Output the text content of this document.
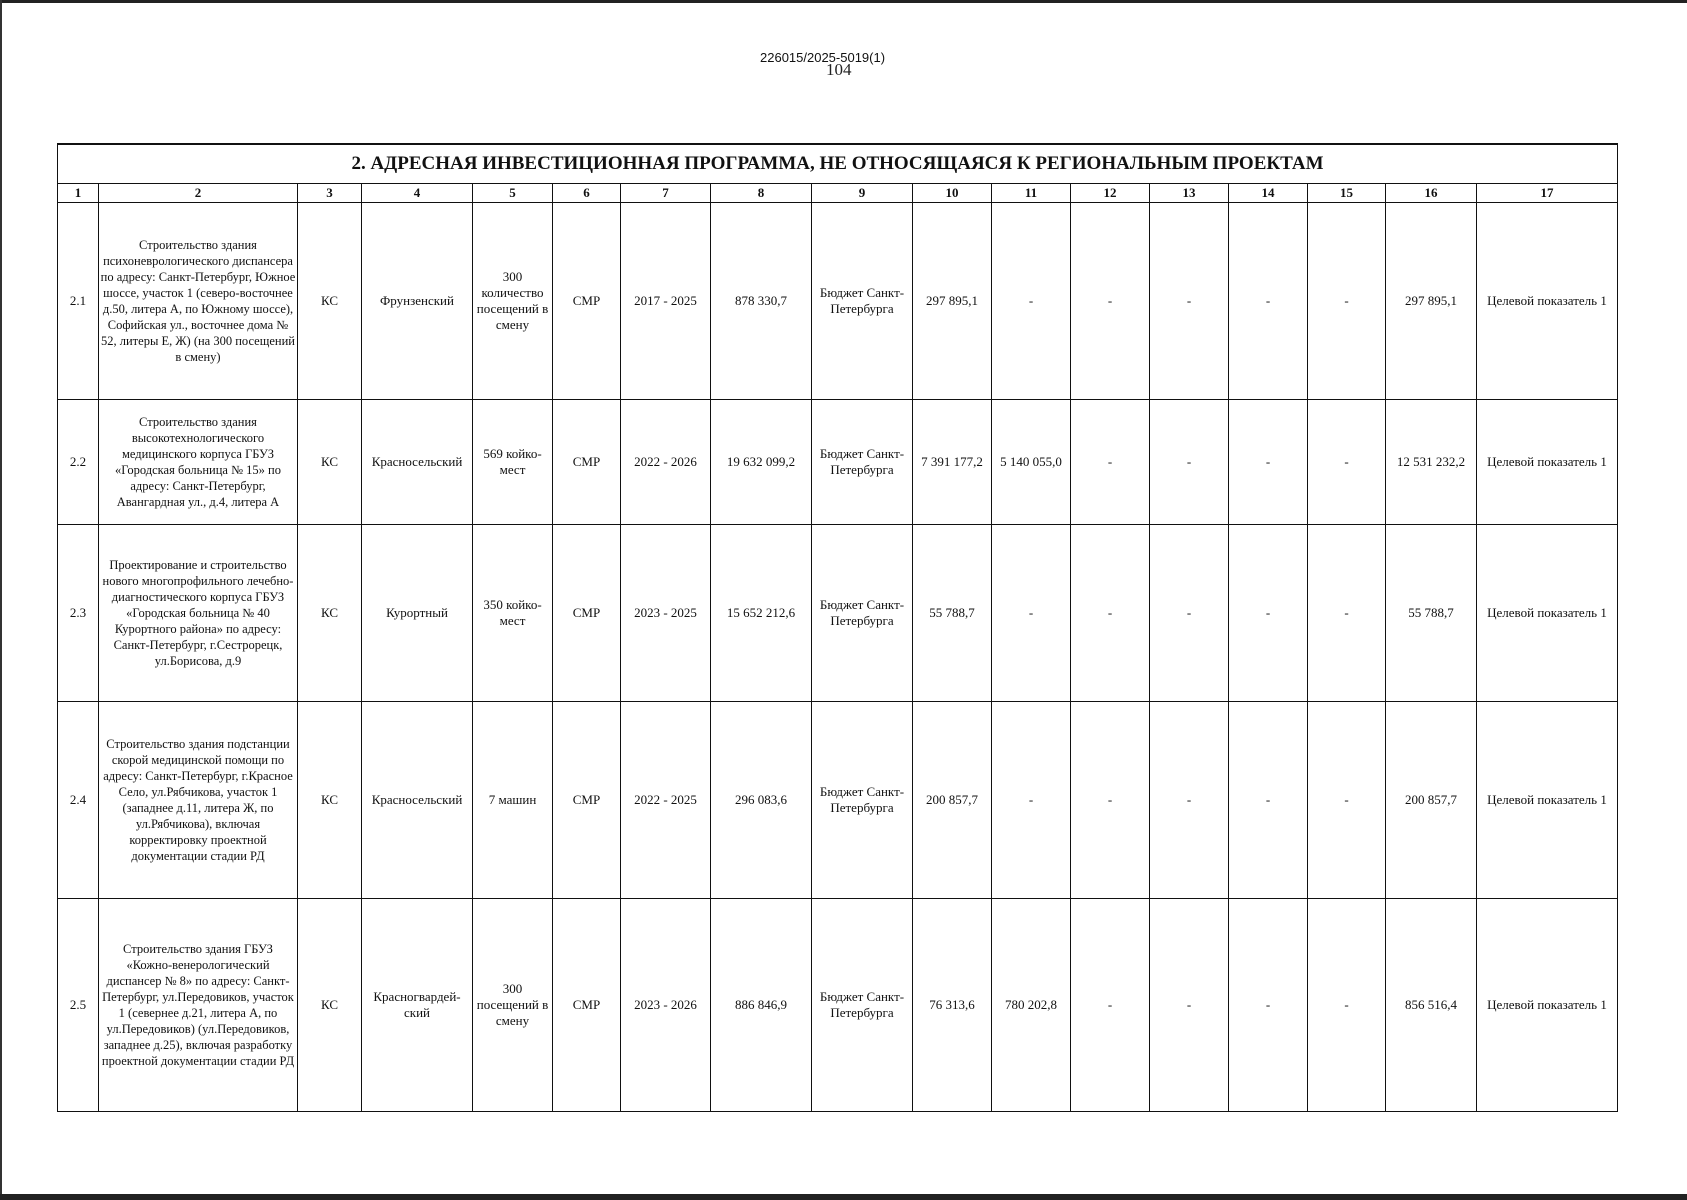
104
226015/2025-5019(1)
2. АДРЕСНАЯ ИНВЕСТИЦИОННАЯ ПРОГРАММА, НЕ ОТНОСЯЩАЯСЯ К РЕГИОНАЛЬНЫМ ПРОЕКТАМ																
1	2	3	4	5	6	7	8	9	10	11	12	13	14	15	16	17
2.1	Строительство здания психоневрологического диспансера по адресу: Санкт-Петербург, Южное шоссе, участок 1 (северо-восточнее д.50, литера А, по Южному шоссе), Софийская ул., восточнее дома № 52, литеры Е, Ж) (на 300 посещений в смену)	КС	Фрунзенский	300 количество посещений в смену	СМР	2017 - 2025	878 330,7	Бюджет Санкт-Петербурга	297 895,1	-	-	-	-	-	297 895,1	Целевой показатель 1
2.2	Строительство здания высокотехнологического медицинского корпуса ГБУЗ «Городская больница № 15» по адресу: Санкт-Петербург, Авангардная ул., д.4, литера А	КС	Красносельский	569 койко-мест	СМР	2022 - 2026	19 632 099,2	Бюджет Санкт-Петербурга	7 391 177,2	5 140 055,0	-	-	-	-	12 531 232,2	Целевой показатель 1
2.3	Проектирование и строительство нового многопрофильного лечебно-диагностического корпуса ГБУЗ «Городская больница № 40 Курортного района» по адресу: Санкт-Петербург, г.Сестрорецк, ул.Борисова, д.9	КС	Курортный	350 койко-мест	СМР	2023 - 2025	15 652 212,6	Бюджет Санкт-Петербурга	55 788,7	-	-	-	-	-	55 788,7	Целевой показатель 1
2.4	Строительство здания подстанции скорой медицинской помощи по адресу: Санкт-Петербург, г.Красное Село, ул.Рябчикова, участок 1 (западнее д.11, литера Ж, по ул.Рябчикова), включая корректировку проектной документации стадии РД	КС	Красносельский	7 машин	СМР	2022 - 2025	296 083,6	Бюджет Санкт-Петербурга	200 857,7	-	-	-	-	-	200 857,7	Целевой показатель 1
2.5	Строительство здания ГБУЗ «Кожно-венерологический диспансер № 8» по адресу: Санкт-Петербург, ул.Передовиков, участок 1 (севернее д.21, литера А, по ул.Передовиков) (ул.Передовиков, западнее д.25), включая разработку проектной документации стадии РД	КС	Красногвардей-ский	300 посещений в смену	СМР	2023 - 2026	886 846,9	Бюджет Санкт-Петербурга	76 313,6	780 202,8	-	-	-	-	856 516,4	Целевой показатель 1
